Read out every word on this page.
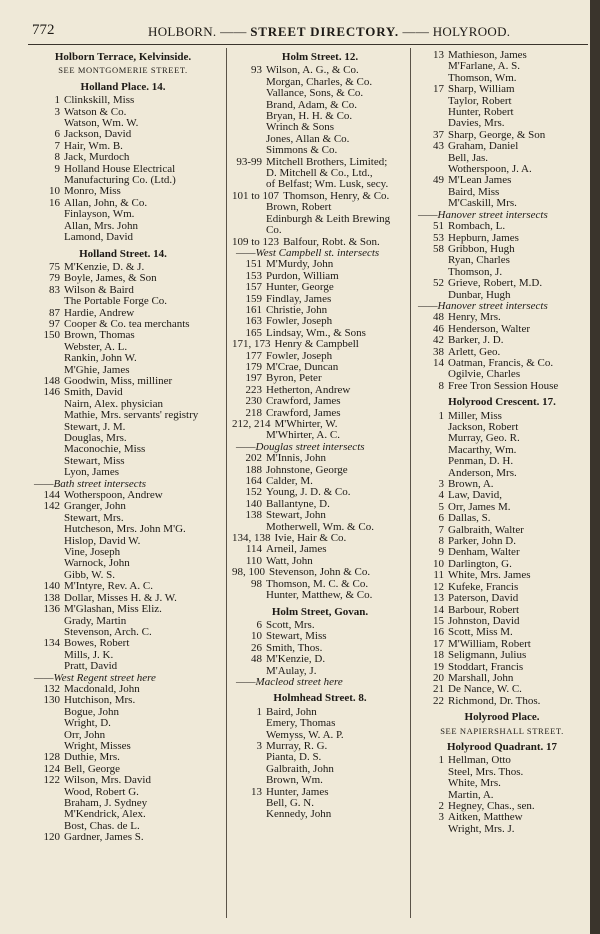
772	HOLBORN. —— STREET DIRECTORY. —— HOLYROOD.
Holborn Terrace, Kelvinside.
SEE MONTGOMERIE STREET.
Holland Place. 14.
1 Clinkskill, Miss
3 Watson & Co.
Watson, Wm. W.
6 Jackson, David
7 Hair, Wm. B.
8 Jack, Murdoch
9 Holland House Electrical
Manufacturing Co. (Ltd.)
10 Monro, Miss
16 Allan, John, & Co.
Finlayson, Wm.
Allan, Mrs. John
Lamond, David
Holland Street. 14.
75 M'Kenzie, D. & J.
79 Boyle, James, & Son
83 Wilson & Baird
The Portable Forge Co.
87 Hardie, Andrew
97 Cooper & Co. tea merchants
150 Brown, Thomas
Webster, A. L.
Rankin, John W.
M'Ghie, James
148 Goodwin, Miss, milliner
146 Smith, David
Nairn, Alex. physician
Mathie, Mrs. servants' registry
Stewart, J. M.
Douglas, Mrs.
Maconochie, Miss
Stewart, Miss
Lyon, James
——Bath street intersects
144 Wotherspoon, Andrew
142 Granger, John
Stewart, Mrs.
Hutcheson, Mrs. John M'G.
Hislop, David W.
Vine, Joseph
Warnock, John
Gibb, W. S.
140 M'Intyre, Rev. A. C.
138 Dollar, Misses H. & J. W.
136 M'Glashan, Miss Eliz.
Grady, Martin
Stevenson, Arch. C.
134 Bowes, Robert
Mills, J. K.
Pratt, David
——West Regent street here
132 Macdonald, John
130 Hutchison, Mrs.
Bogue, John
Wright, D.
Orr, John
Wright, Misses
128 Duthie, Mrs.
124 Bell, George
122 Wilson, Mrs. David
Wood, Robert G.
Braham, J. Sydney
M'Kendrick, Alex.
Bost, Chas. de L.
120 Gardner, James S.
Holm Street. 12.
93 Wilson, A. G., & Co.
Morgan, Charles, & Co.
Vallance, Sons, & Co.
Brand, Adam, & Co.
Bryan, H. H. & Co.
Wrinch & Sons
Jones, Allan & Co.
Simmons & Co.
93-99 Mitchell Brothers, Limited;
D. Mitchell & Co., Ltd.,
of Belfast; Wm. Lusk, secy.
101 to 107 Thomson, Henry, & Co.
Brown, Robert
Edinburgh & Leith Brewing
Co.
109 to 123 Balfour, Robt. & Son.
——West Campbell st. intersects
151 M'Murdy, John
153 Purdon, William
157 Hunter, George
159 Findlay, James
161 Christie, John
163 Fowler, Joseph
165 Lindsay, Wm., & Sons
171, 173 Henry & Campbell
177 Fowler, Joseph
179 M'Crae, Duncan
197 Byron, Peter
223 Hetherton, Andrew
230 Crawford, James
218 Crawford, James
212, 214 M'Whirter, W.
M'Whirter, A. C.
——Douglas street intersects
202 M'Innis, John
188 Johnstone, George
164 Calder, M.
152 Young, J. D. & Co.
140 Ballantyne, D.
138 Stewart, John
Motherwell, Wm. & Co.
134, 138 Ivie, Hair & Co.
114 Arneil, James
110 Watt, John
98, 100 Stevenson, John & Co.
98 Thomson, M. C. & Co.
Hunter, Matthew, & Co.
Holm Street, Govan.
6 Scott, Mrs.
10 Stewart, Miss
26 Smith, Thos.
48 M'Kenzie, D.
M'Aulay, J.
——Macleod street here
Holmhead Street. 8.
1 Baird, John
Emery, Thomas
Wemyss, W. A. P.
3 Murray, R. G.
Pianta, D. S.
Galbraith, John
Brown, Wm.
13 Hunter, James
Bell, G. N.
Kennedy, John
13 Mathieson, James
M'Farlane, A. S.
Thomson, Wm.
17 Sharp, William
Taylor, Robert
Hunter, Robert
Davies, Mrs.
37 Sharp, George, & Son
43 Graham, Daniel
Bell, Jas.
Wotherspoon, J. A.
49 M'Lean James
Baird, Miss
M'Caskill, Mrs.
——Hanover street intersects
51 Rombach, L.
53 Hepburn, James
58 Gribbon, Hugh
Ryan, Charles
Thomson, J.
52 Grieve, Robert, M.D.
Dunbar, Hugh
——Hanover street intersects
48 Henry, Mrs.
46 Henderson, Walter
42 Barker, J. D.
38 Arlett, Geo.
14 Oatman, Francis, & Co.
Ogilvie, Charles
8 Free Tron Session House
Holyrood Crescent. 17.
1 Miller, Miss
Jackson, Robert
Murray, Geo. R.
Macarthy, Wm.
Penman, D. H.
Anderson, Mrs.
3 Brown, A.
4 Law, David,
5 Orr, James M.
6 Dallas, S.
7 Galbraith, Walter
8 Parker, John D.
9 Denham, Walter
10 Darlington, G.
11 White, Mrs. James
12 Kufeke, Francis
13 Paterson, David
14 Barbour, Robert
15 Johnston, David
16 Scott, Miss M.
17 M'William, Robert
18 Seligmann, Julius
19 Stoddart, Francis
20 Marshall, John
21 De Nance, W. C.
22 Richmond, Dr. Thos.
Holyrood Place.
SEE NAPIERSHALL STREET.
Holyrood Quadrant. 17
1 Hellman, Otto
Steel, Mrs. Thos.
White, Mrs.
Martin, A.
2 Hegney, Chas., sen.
3 Aitken, Matthew
Wright, Mrs. J.
